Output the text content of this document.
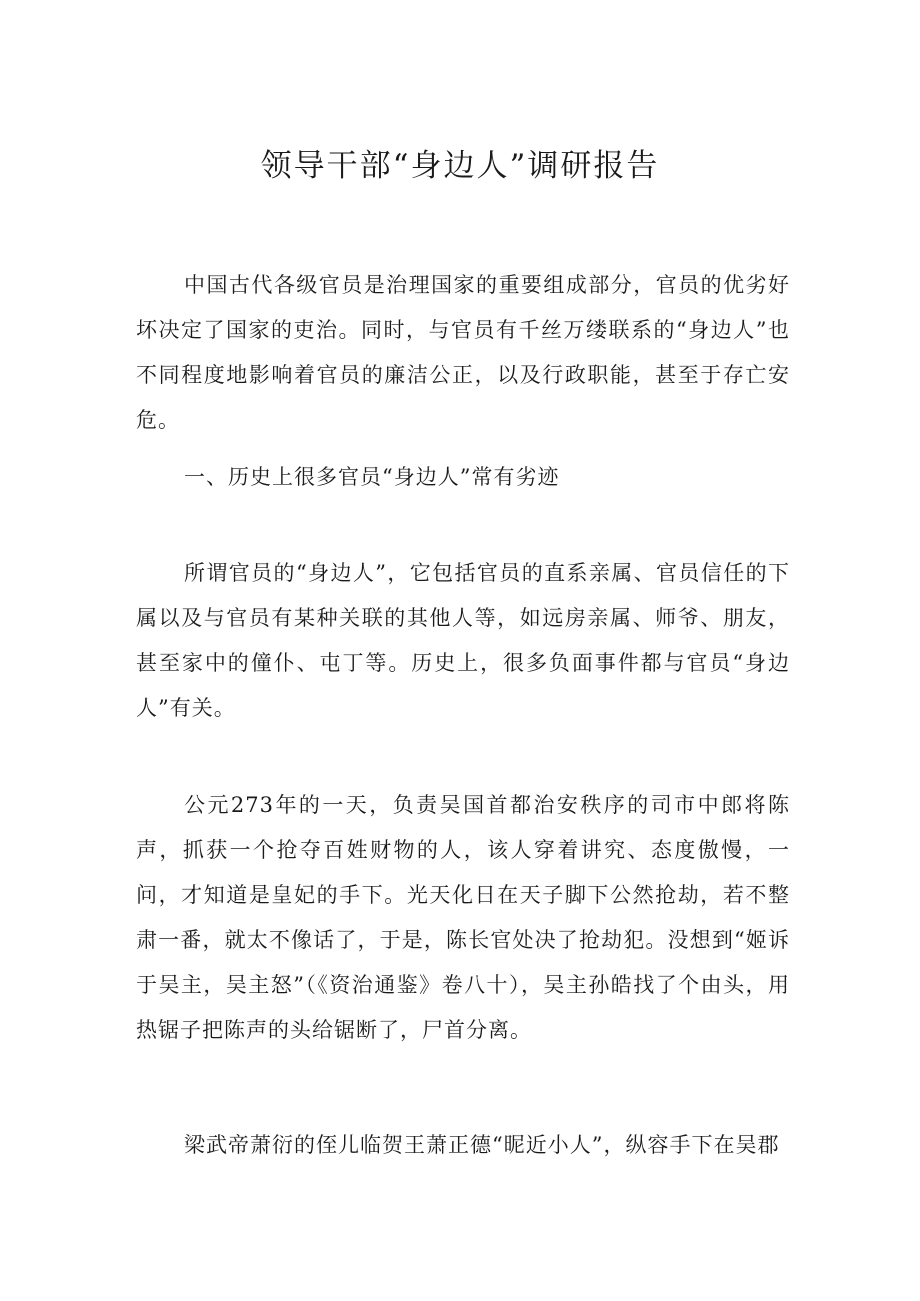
领导干部“身边人”调研报告

中国古代各级官员是治理国家的重要组成部分，官员的优劣好坏决定了国家的吏治。同时，与官员有千丝万缕联系的“身边人”也不同程度地影响着官员的廉洁公正，以及行政职能，甚至于存亡安危。

一、历史上很多官员“身边人”常有劣迹

所谓官员的“身边人”，它包括官员的直系亲属、官员信任的下属以及与官员有某种关联的其他人等，如远房亲属、师爷、朋友，甚至家中的僮仆、屯丁等。历史上，很多负面事件都与官员“身边人”有关。

公元273年的一天，负责吴国首都治安秩序的司市中郎将陈声，抓获一个抢夺百姓财物的人，该人穿着讲究、态度傲慢，一问，才知道是皇妃的手下。光天化日在天子脚下公然抢劫，若不整肃一番，就太不像话了，于是，陈长官处决了抢劫犯。没想到“姬诉于吴主，吴主怒”（《资治通鉴》卷八十），吴主孙皓找了个由头，用热锯子把陈声的头给锯断了，尸首分离。

梁武帝萧衍的侄儿临贺王萧正德“昵近小人”，纵容手下在吴郡
